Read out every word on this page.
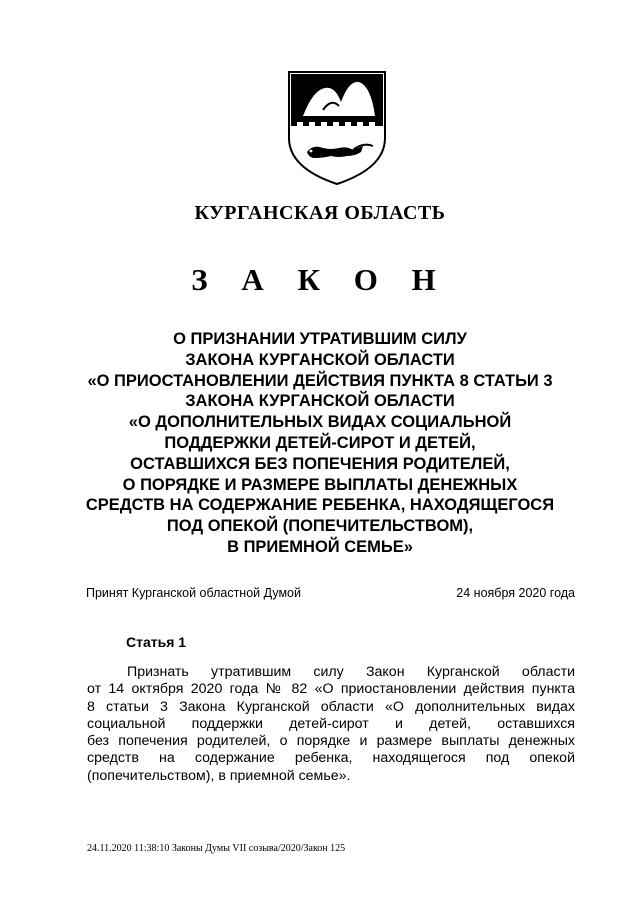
КУРГАНСКАЯ ОБЛАСТЬ
З А К О Н
О ПРИЗНАНИИ УТРАТИВШИМ СИЛУ
ЗАКОНА КУРГАНСКОЙ ОБЛАСТИ
«О ПРИОСТАНОВЛЕНИИ ДЕЙСТВИЯ ПУНКТА 8 СТАТЬИ 3
ЗАКОНА КУРГАНСКОЙ ОБЛАСТИ
«О ДОПОЛНИТЕЛЬНЫХ ВИДАХ СОЦИАЛЬНОЙ
ПОДДЕРЖКИ ДЕТЕЙ-СИРОТ И ДЕТЕЙ,
ОСТАВШИХСЯ БЕЗ ПОПЕЧЕНИЯ РОДИТЕЛЕЙ,
О ПОРЯДКЕ И РАЗМЕРЕ ВЫПЛАТЫ ДЕНЕЖНЫХ
СРЕДСТВ НА СОДЕРЖАНИЕ РЕБЕНКА, НАХОДЯЩЕГОСЯ
ПОД ОПЕКОЙ (ПОПЕЧИТЕЛЬСТВОМ),
В ПРИЕМНОЙ СЕМЬЕ»
Принят Курганской областной Думой	24 ноября 2020 года
Статья 1
Признать утратившим силу Закон Курганской области
от 14 октября 2020 года № 82 «О приостановлении действия пункта
8 статьи 3 Закона Курганской области «О дополнительных видах
социальной поддержки детей-сирот и детей, оставшихся
без попечения родителей, о порядке и размере выплаты денежных
средств на содержание ребенка, находящегося под опекой
(попечительством), в приемной семье».
24.11.2020 11:38:10 Законы Думы VII созыва/2020/Закон 125
